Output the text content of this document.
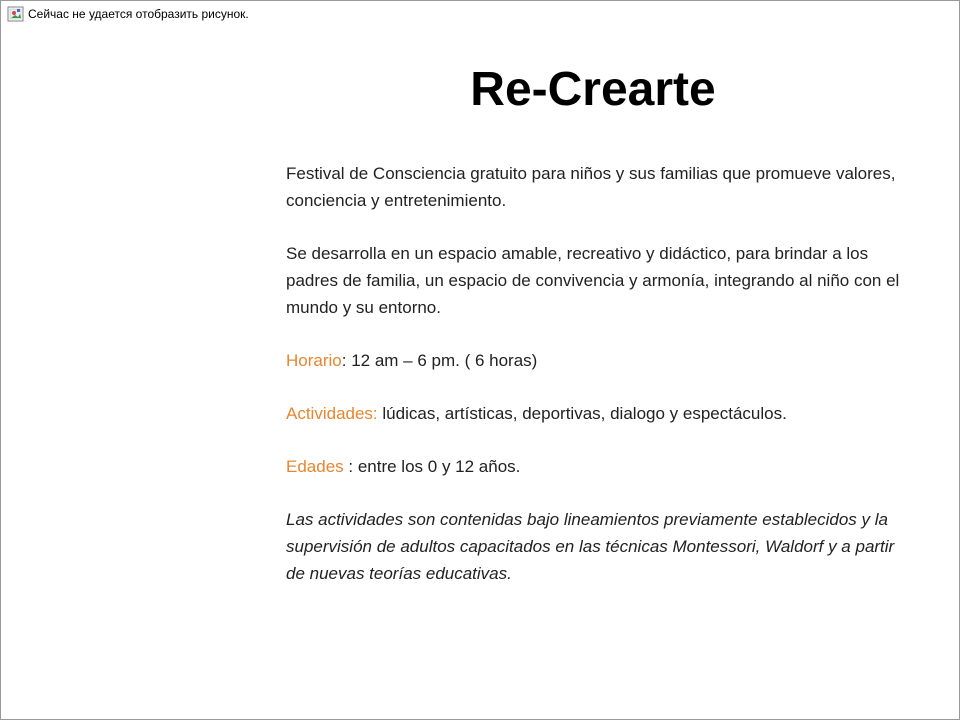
Сейчас не удается отобразить рисунок.
Re-Crearte

Festival de Consciencia gratuito para niños y sus familias que promueve valores, conciencia y entretenimiento.

Se desarrolla en un espacio amable, recreativo y didáctico, para brindar a los padres de familia, un espacio de convivencia y armonía, integrando al niño con el mundo y su entorno.

Horario: 12 am – 6 pm. ( 6 horas)

Actividades: lúdicas, artísticas, deportivas, dialogo y espectáculos.

Edades : entre los 0 y 12 años.

Las actividades son contenidas bajo lineamientos previamente establecidos y la supervisión de adultos capacitados en las técnicas Montessori, Waldorf y a partir de nuevas teorías educativas.
